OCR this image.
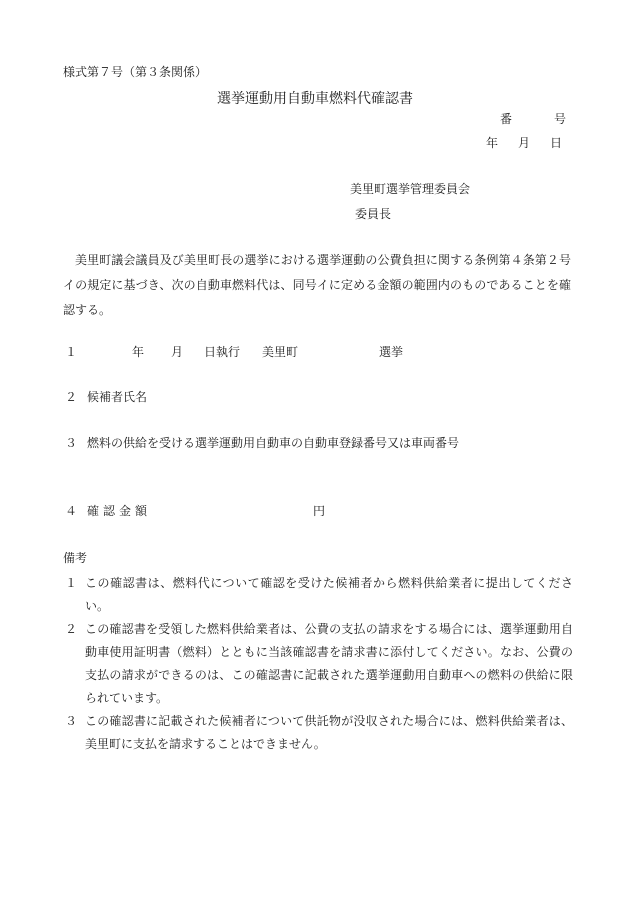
様式第７号（第３条関係）
選挙運動用自動車燃料代確認書
番	号
年 月 日
美里町選挙管理委員会
委員長
美里町議会議員及び美里町長の選挙における選挙運動の公費負担に関する条例第４条第２号イの規定に基づき、次の自動車燃料代は、同号イに定める金額の範囲内のものであることを確認する。
１	年 月 日執行 美里町	選挙
２ 候補者氏名
３ 燃料の供給を受ける選挙運動用自動車の自動車登録番号又は車両番号
４ 確認金額	円
備考
１ この確認書は、燃料代について確認を受けた候補者から燃料供給業者に提出してください。
２ この確認書を受領した燃料供給業者は、公費の支払の請求をする場合には、選挙運動用自動車使用証明書（燃料）とともに当該確認書を請求書に添付してください。なお、公費の支払の請求ができるのは、この確認書に記載された選挙運動用自動車への燃料の供給に限られています。
３ この確認書に記載された候補者について供託物が没収された場合には、燃料供給業者は、美里町に支払を請求することはできません。
